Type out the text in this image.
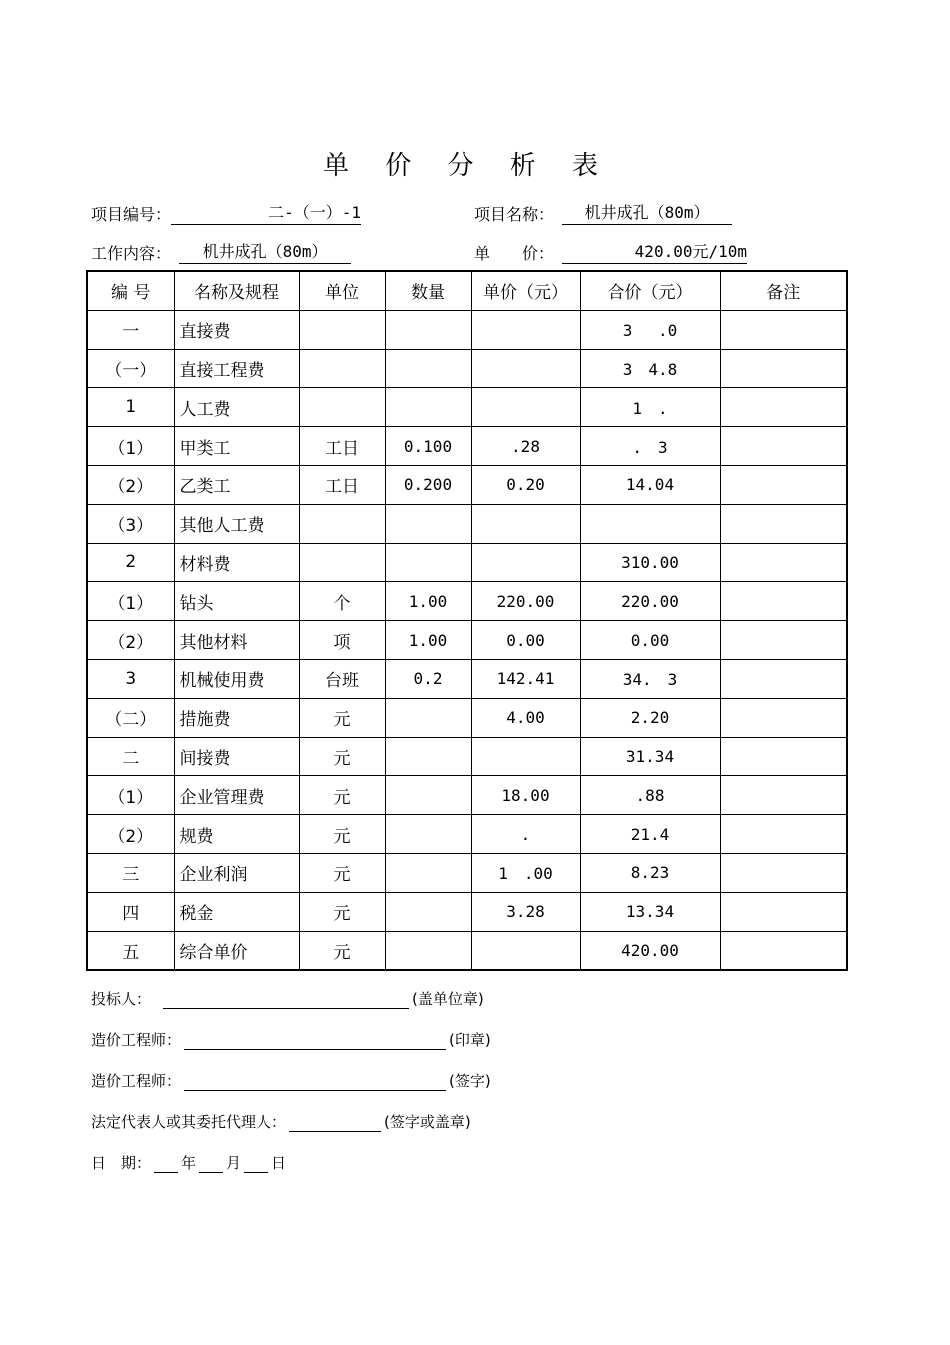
单 价 分 析 表
项目编号：	二-（一）-1	项目名称：	机井成孔（80m）
工作内容：	机井成孔（80m）	单　　价：	420.00元/10m
编 号	名称及规程	单位	数量	单价（元）	合价（元）	备注
一	直接费				3　 .0	
（一）	直接工程费				3　4.8	
1	人工费				1　.	
（1）	甲类工	工日	0.100	.28	.　3	
（2）	乙类工	工日	0.200	0.20	14.04	
（3）	其他人工费					
2	材料费				310.00	
（1）	钻头	个	1.00	220.00	220.00	
（2）	其他材料	项	1.00	0.00	0.00	
3	机械使用费	台班	0.2	142.41	34.　3	
（二）	措施费	元		4.00	2.20	
二	间接费	元			31.34	
（1）	企业管理费	元		18.00	.88	
（2）	规费	元		.	21.4	
三	企业利润	元		1　.00	8.23	
四	税金	元		3.28	13.34	
五	综合单价	元			420.00	
投标人：	(盖单位章)
造价工程师：	(印章)
造价工程师：	(签字)
法定代表人或其委托代理人：	(签字或盖章)
日　期： 年 月 日
